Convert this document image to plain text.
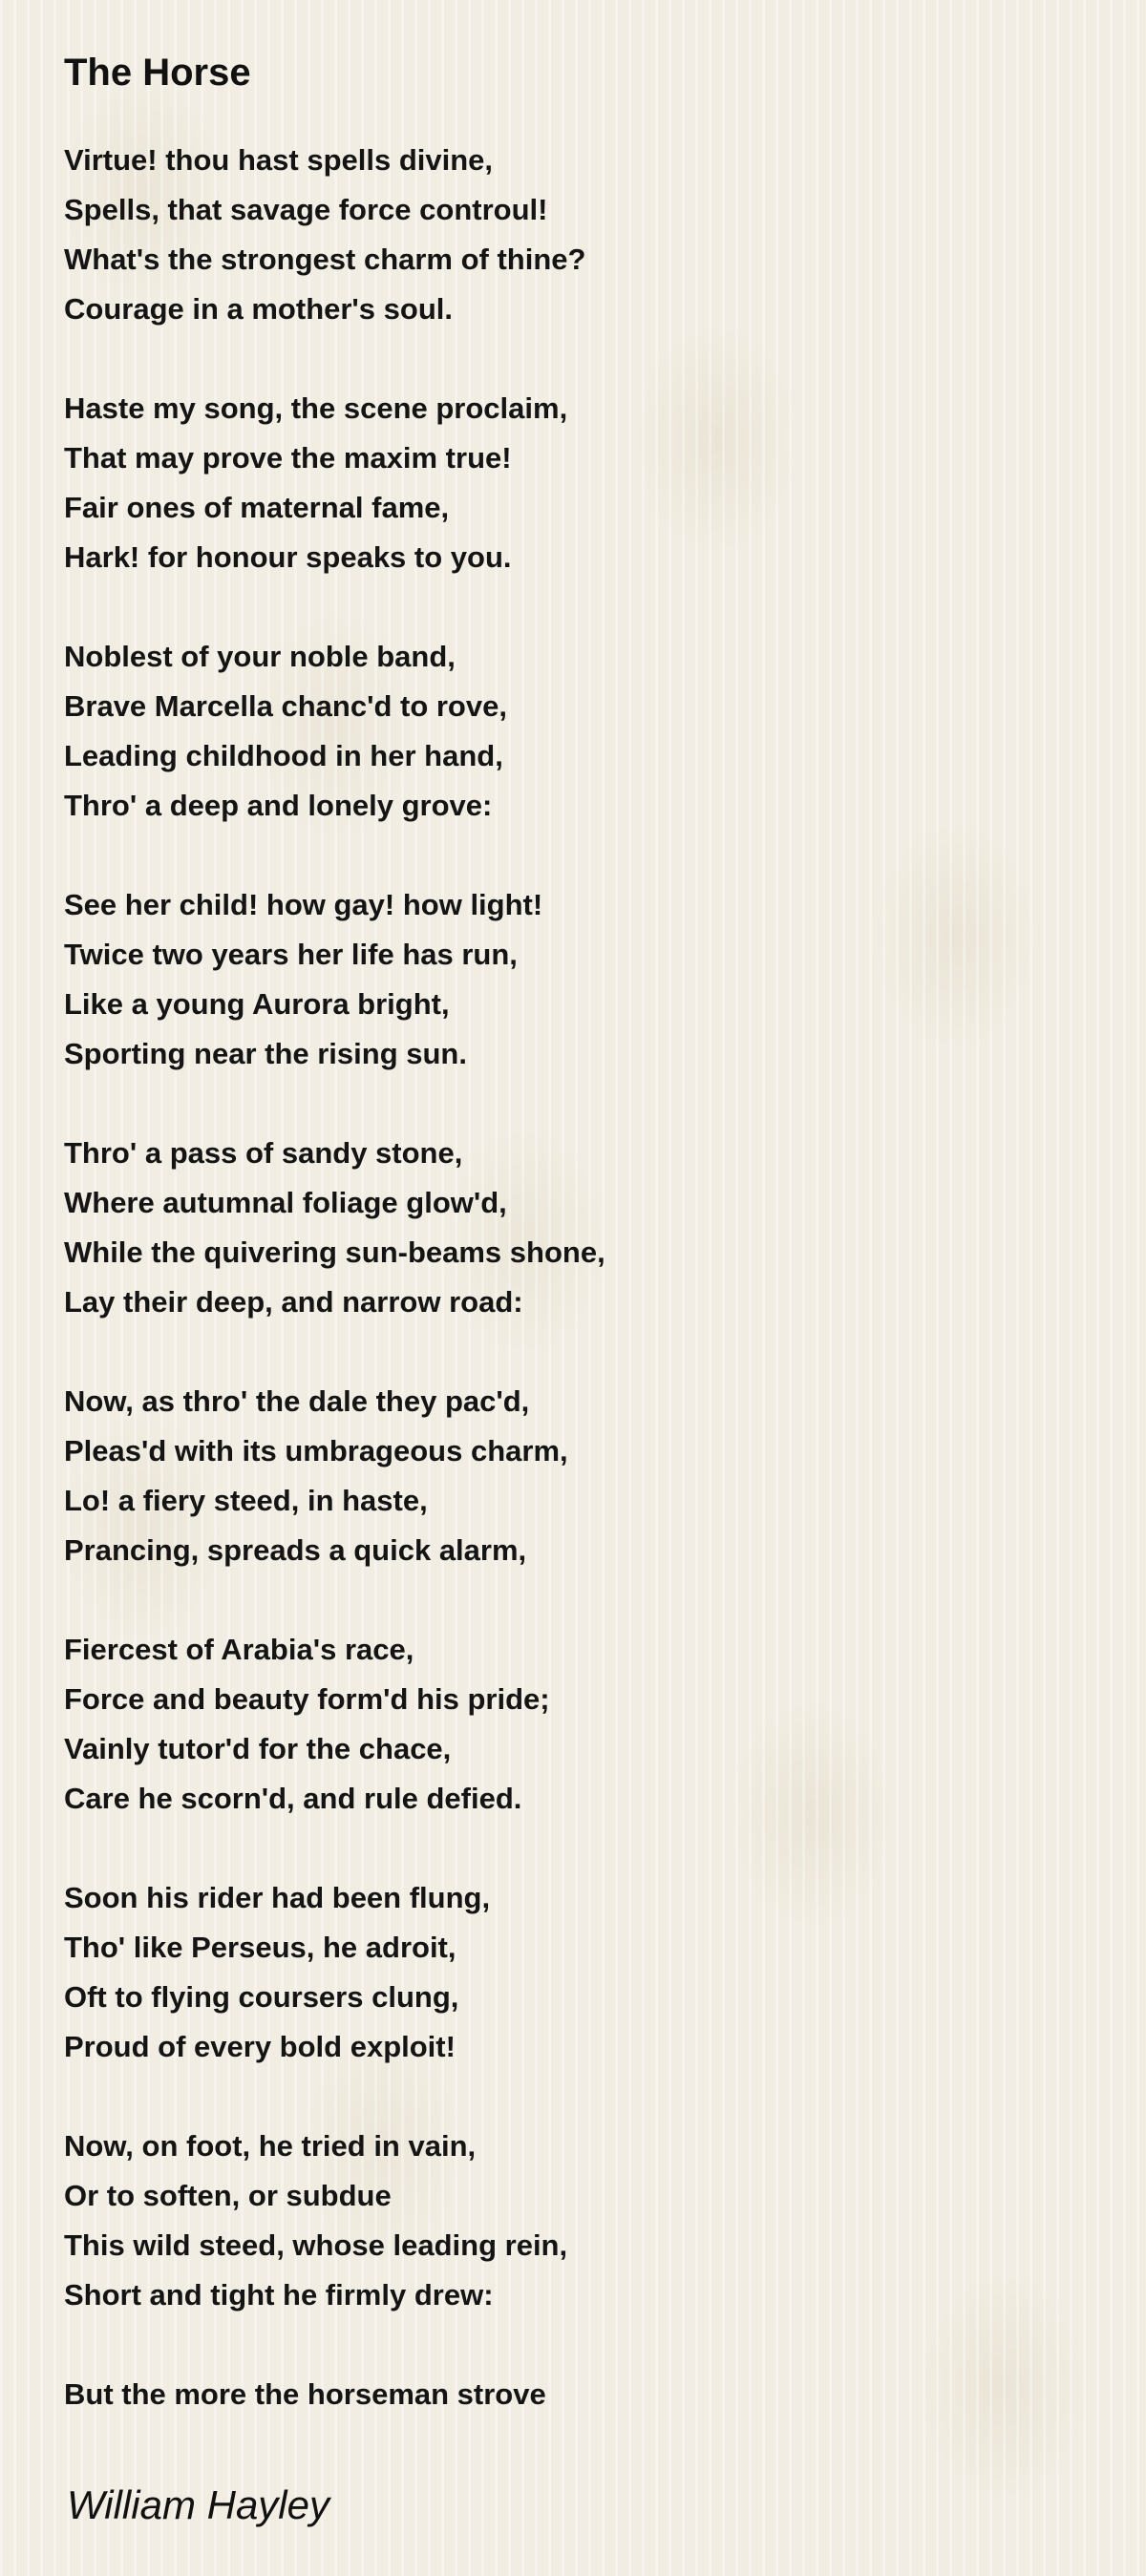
The Horse
Virtue! thou hast spells divine,
Spells, that savage force controul!
What's the strongest charm of thine?
Courage in a mother's soul.
Haste my song, the scene proclaim,
That may prove the maxim true!
Fair ones of maternal fame,
Hark! for honour speaks to you.
Noblest of your noble band,
Brave Marcella chanc'd to rove,
Leading childhood in her hand,
Thro' a deep and lonely grove:
See her child! how gay! how light!
Twice two years her life has run,
Like a young Aurora bright,
Sporting near the rising sun.
Thro' a pass of sandy stone,
Where autumnal foliage glow'd,
While the quivering sun-beams shone,
Lay their deep, and narrow road:
Now, as thro' the dale they pac'd,
Pleas'd with its umbrageous charm,
Lo! a fiery steed, in haste,
Prancing, spreads a quick alarm,
Fiercest of Arabia's race,
Force and beauty form'd his pride;
Vainly tutor'd for the chace,
Care he scorn'd, and rule defied.
Soon his rider had been flung,
Tho' like Perseus, he adroit,
Oft to flying coursers clung,
Proud of every bold exploit!
Now, on foot, he tried in vain,
Or to soften, or subdue
This wild steed, whose leading rein,
Short and tight he firmly drew:
But the more the horseman strove

William Hayley
